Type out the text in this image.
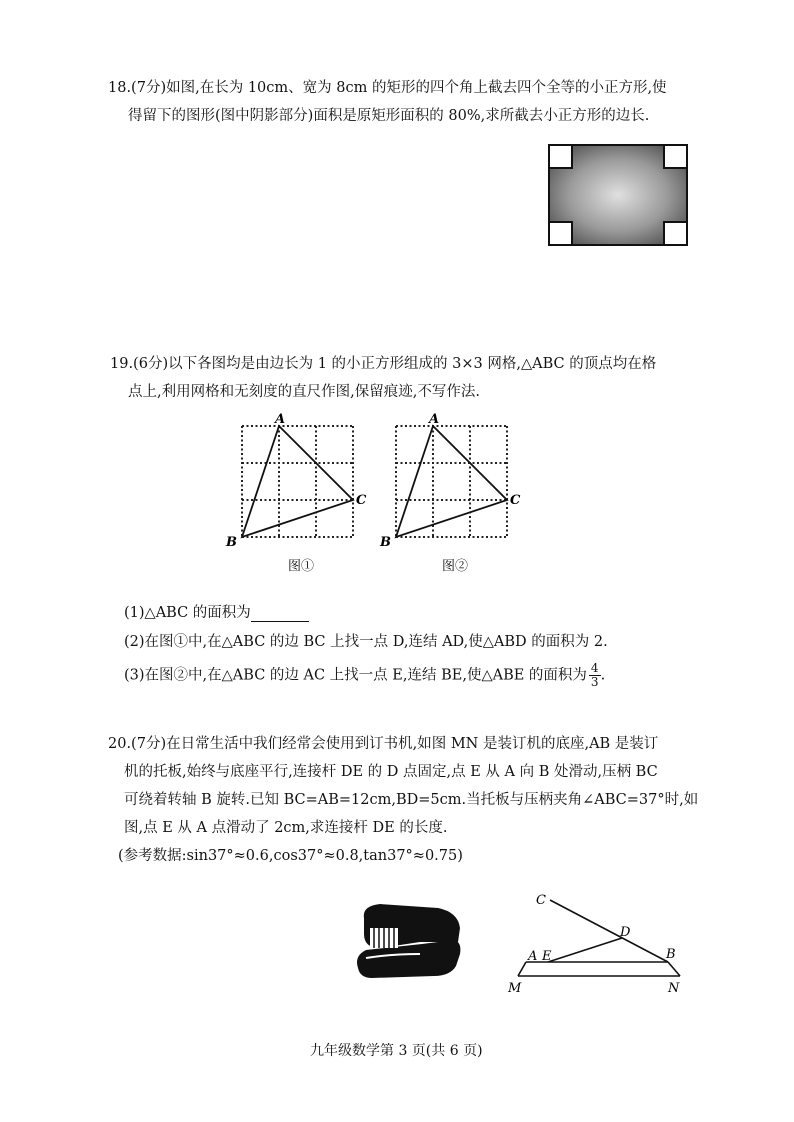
18.(7分)如图,在长为 10cm、宽为 8cm 的矩形的四个角上截去四个全等的小正方形,使
得留下的图形(图中阴影部分)面积是原矩形面积的 80%,求所截去小正方形的边长.
19.(6分)以下各图均是由边长为 1 的小正方形组成的 3×3 网格,△ABC 的顶点均在格
点上,利用网格和无刻度的直尺作图,保留痕迹,不写作法.
A
B
C
图①
A
B
C
图②
(1)△ABC 的面积为
(2)在图①中,在△ABC 的边 BC 上找一点 D,连结 AD,使△ABD 的面积为 2.
(3)在图②中,在△ABC 的边 AC 上找一点 E,连结 BE,使△ABE 的面积为 $\frac{4}{3}$ .
20.(7分)在日常生活中我们经常会使用到订书机,如图 MN 是装订机的底座,AB 是装订
机的托板,始终与底座平行,连接杆 DE 的 D 点固定,点 E 从 A 向 B 处滑动,压柄 BC
可绕着转轴 B 旋转.已知 BC=AB=12cm,BD=5cm.当托板与压柄夹角∠ABC=37°时,如
图,点 E 从 A 点滑动了 2cm,求连接杆 DE 的长度.
(参考数据:sin37°≈0.6,cos37°≈0.8,tan37°≈0.75)
C
D
A E	B
M	N
九年级数学第 3 页(共 6 页)
